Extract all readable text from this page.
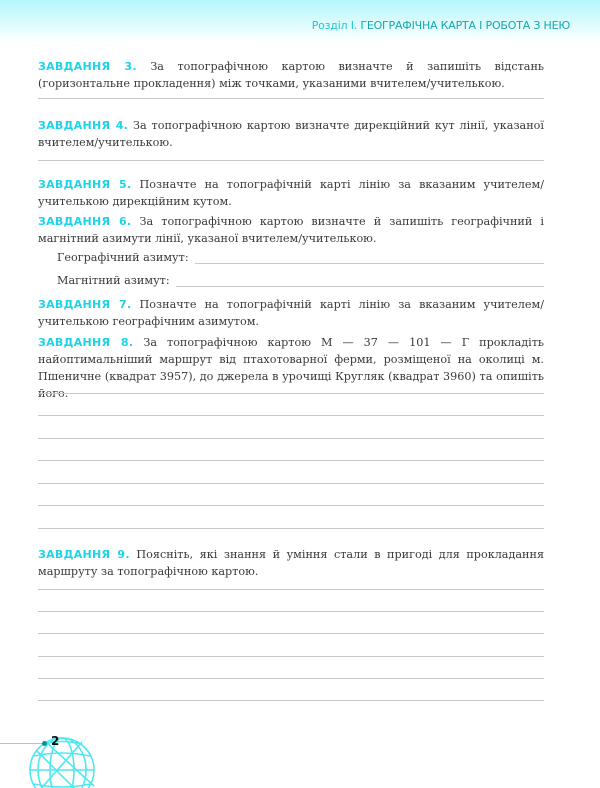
Розділ І. ГЕОГРАФІЧНА КАРТА І РОБОТА З НЕЮ
ЗАВДАННЯ 3. За топографічною картою визначте й запишіть відстань (горизонтальне прокладення) між точками, указаними вчителем/учителькою.
ЗАВДАННЯ 4. За топографічною картою визначте дирекційний кут лінії, указаної вчителем/учителькою.
ЗАВДАННЯ 5. Позначте на топографічній карті лінію за вказаним учителем/учителькою дирекційним кутом.
ЗАВДАННЯ 6. За топографічною картою визначте й запишіть географічний і магнітний азимути лінії, указаної вчителем/учителькою.
Географічний азимут:
Магнітний азимут:
ЗАВДАННЯ 7. Позначте на топографічній карті лінію за вказаним учителем/учителькою географічним азимутом.
ЗАВДАННЯ 8. За топографічною картою М — 37 — 101 — Г прокладіть найоптимальніший маршрут від птахотоварної ферми, розміщеної на околиці м. Пшеничне (квадрат 3957), до джерела в урочищі Кругляк (квадрат 3960) та опишіть його.
ЗАВДАННЯ 9. Поясніть, які знання й уміння стали в пригоді для прокладання маршруту за топографічною картою.
2
